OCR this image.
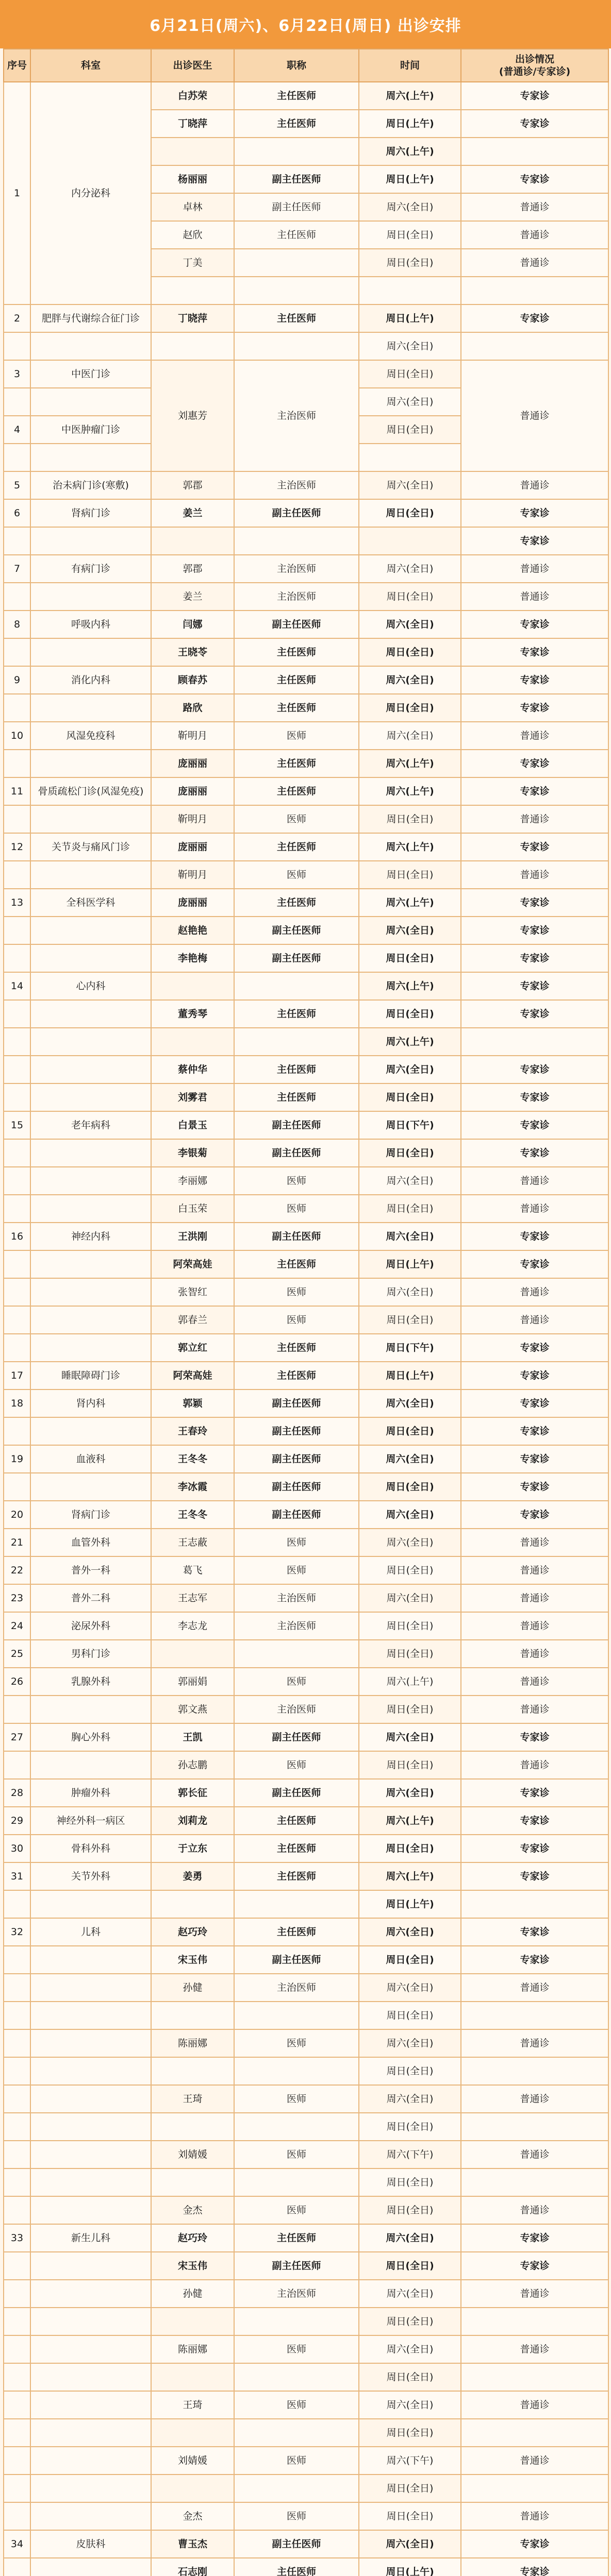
6月21日(周六)、6月22日(周日) 出诊安排
序号	科室	出诊医生	职称	时间	出诊情况
(普通诊/专家诊)
1	内分泌科	白苏荣	主任医师	周六(上午)	专家诊
		丁晓萍	主任医师	周日(上午)	专家诊
				周六(上午)	
		杨丽丽	副主任医师	周日(上午)	专家诊
		卓林	副主任医师	周六(全日)	普通诊
		赵欣	主任医师	周日(全日)	普通诊
		丁美		周日(全日)	普通诊

2	肥胖与代谢综合征门诊	丁晓萍	主任医师	周日(上午)	专家诊
				周六(全日)	
3	中医门诊	刘惠芳	主治医师	周日(全日)	普通诊
				周六(全日)	
4	中医肿瘤门诊			周日(全日)	

5	治未病门诊(寒敷)	郭郡	主治医师	周六(全日)	普通诊
6	肾病门诊	姜兰	副主任医师	周日(全日)	专家诊
					专家诊
7	有病门诊	郭郡	主治医师	周六(全日)	普通诊
		姜兰	主治医师	周日(全日)	普通诊
8	呼吸内科	闫娜	副主任医师	周六(全日)	专家诊
		王晓苓	主任医师	周日(全日)	专家诊
9	消化内科	顾春苏	主任医师	周六(全日)	专家诊
		路欣	主任医师	周日(全日)	专家诊
10	风湿免疫科	靳明月	医师	周六(全日)	普通诊
		庞丽丽	主任医师	周六(上午)	专家诊
11	骨质疏松门诊(风湿免疫)	庞丽丽	主任医师	周六(上午)	专家诊
		靳明月	医师	周日(全日)	普通诊
12	关节炎与痛风门诊	庞丽丽	主任医师	周六(上午)	专家诊
		靳明月	医师	周日(全日)	普通诊
13	全科医学科	庞丽丽	主任医师	周六(上午)	专家诊
		赵艳艳	副主任医师	周六(全日)	专家诊
		李艳梅	副主任医师	周日(全日)	专家诊
14	心内科			周六(上午)	专家诊
		董秀琴	主任医师	周日(全日)	专家诊
				周六(上午)	
		蔡仲华	主任医师	周六(全日)	专家诊
		刘雾君	主任医师	周日(全日)	专家诊
15	老年病科	白景玉	副主任医师	周日(下午)	专家诊
		李银菊	副主任医师	周日(全日)	专家诊
		李丽娜	医师	周六(全日)	普通诊
		白玉荣	医师	周日(全日)	普通诊
16	神经内科	王洪刚	副主任医师	周六(全日)	专家诊
		阿荣高娃	主任医师	周日(上午)	专家诊
		张智红	医师	周六(全日)	普通诊
		郭春兰	医师	周日(全日)	普通诊
		郭立红	主任医师	周日(下午)	专家诊
17	睡眠障碍门诊	阿荣高娃	主任医师	周日(上午)	专家诊
18	肾内科	郭颖	副主任医师	周六(全日)	专家诊
		王春玲	副主任医师	周日(全日)	专家诊
19	血液科	王冬冬	副主任医师	周六(全日)	专家诊
		李冰霞	副主任医师	周日(全日)	专家诊
20	肾病门诊	王冬冬	副主任医师	周六(全日)	专家诊
21	血管外科	王志蔽	医师	周六(全日)	普通诊
22	普外一科	葛飞	医师	周日(全日)	普通诊
23	普外二科	王志军	主治医师	周六(全日)	普通诊
24	泌尿外科	李志龙	主治医师	周日(全日)	普通诊
25	男科门诊			周日(全日)	普通诊
26	乳腺外科	郭丽娟	医师	周六(上午)	普通诊
		郭文燕	主治医师	周日(全日)	普通诊
27	胸心外科	王凯	副主任医师	周六(全日)	专家诊
		孙志鹏	医师	周日(全日)	普通诊
28	肿瘤外科	郭长征	副主任医师	周六(全日)	专家诊
29	神经外科一病区	刘莉龙	主任医师	周六(上午)	专家诊
30	骨科外科	于立东	主任医师	周日(全日)	专家诊
31	关节外科	姜勇	主任医师	周六(上午)	专家诊
				周日(上午)	
32	儿科	赵巧玲	主任医师	周六(全日)	专家诊
		宋玉伟	副主任医师	周日(全日)	专家诊
		孙健	主治医师	周六(全日)	普通诊
				周日(全日)	
		陈丽娜	医师	周六(全日)	普通诊
				周日(全日)	
		王琦	医师	周六(全日)	普通诊
				周日(全日)	
		刘婧媛	医师	周六(下午)	普通诊
				周日(全日)	
		金杰	医师	周日(全日)	普通诊
33	新生儿科	赵巧玲	主任医师	周六(全日)	专家诊
		宋玉伟	副主任医师	周日(全日)	专家诊
		孙健	主治医师	周六(全日)	普通诊
				周日(全日)	
		陈丽娜	医师	周六(全日)	普通诊
				周日(全日)	
		王琦	医师	周六(全日)	普通诊
				周日(全日)	
		刘婧媛	医师	周六(下午)	普通诊
				周日(全日)	
		金杰	医师	周日(全日)	普通诊
34	皮肤科	曹玉杰	副主任医师	周六(全日)	专家诊
		石志刚	主任医师	周日(上午)	专家诊
